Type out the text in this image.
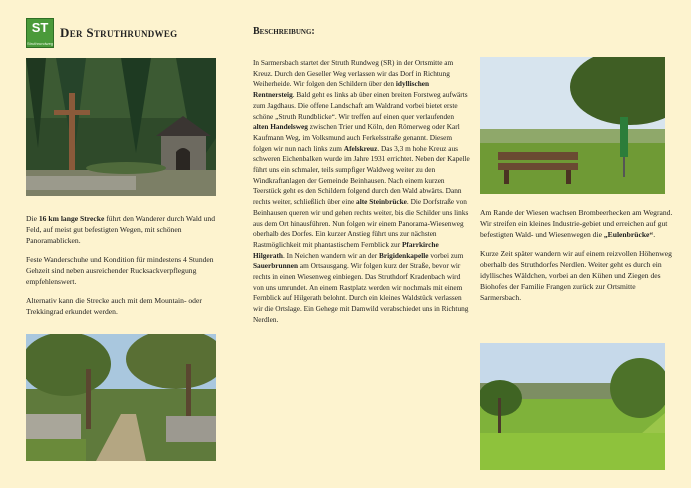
ST
Struthrundweg
Der Struthrundweg	Beschreibung:

Die 16 km lange Strecke führt den Wanderer durch Wald und Feld, auf meist gut befestigten Wegen, mit schönen Panoramablicken.

Feste Wanderschuhe und Kondition für mindestens 4 Stunden Gehzeit sind neben ausreichender Rucksackverpflegung empfehlenswert.

Alternativ kann die Strecke auch mit dem Mountain- oder Trekkingrad erkundet werden.

In Sarmersbach startet der Struth Rundweg (SR) in der Ortsmitte am Kreuz. Durch den Geseller Weg verlassen wir das Dorf in Richtung Weiherheide. Wir folgen den Schildern über den idyllischen Rentnersteig. Bald geht es links ab über einen breiten Forstweg aufwärts zum Jagdhaus. Die offene Landschaft am Waldrand vorbei bietet erste schöne „Struth Rundblicke“. Wir treffen auf einen quer verlaufenden alten Handelsweg zwischen Trier und Köln, den Römerweg oder Karl Kaufmann Weg, im Volksmund auch Ferkelsstraße genannt. Diesem folgen wir nun nach links zum Afelskreuz. Das 3,3 m hohe Kreuz aus schweren Eichenbalken wurde im Jahre 1931 errichtet. Neben der Kapelle führt uns ein schmaler, teils sumpfiger Waldweg weiter zu den Windkraftanlagen der Gemeinde Beinhausen. Nach einem kurzen Teerstück geht es den Schildern folgend durch den Wald abwärts. Dann rechts weiter, schließlich über eine alte Steinbrücke. Die Dorfstraße von Beinhausen queren wir und gehen rechts weiter, bis die Schilder uns links aus dem Ort hinausführen. Nun folgen wir einem Panorama-Wiesenweg oberhalb des Dorfes. Ein kurzer Anstieg führt uns zur nächsten Rastmöglichkeit mit phantastischem Fernblick zur Pfarrkirche Hilgerath. In Neichen wandern wir an der Brigidenkapelle vorbei zum Sauerbrunnen am Ortsausgang. Wir folgen kurz der Straße, bevor wir rechts in einen Wiesenweg einbiegen. Das Struthdorf Kradenbach wird von uns umrundet. An einem Rastplatz werden wir nochmals mit einem Fernblick auf Hilgerath belohnt. Durch ein kleines Waldstück verlassen wir die Ortslage. Ein Gehege mit Damwild verabschiedet uns in Richtung Nerdlen.

Am Rande der Wiesen wachsen Brombeerhecken am Wegrand. Wir streifen ein kleines Industrie-gebiet und erreichen auf gut befestigten Wald- und Wiesenwegen die „Eulenbrücke“.

Kurze Zeit später wandern wir auf einem reizvollen Höhenweg oberhalb des Struthdorfes Nerdlen. Weiter geht es durch ein idyllisches Wäldchen, vorbei an den Kühen und Ziegen des Biohofes der Familie Frangen zurück zur Ortsmitte Sarmersbach.
